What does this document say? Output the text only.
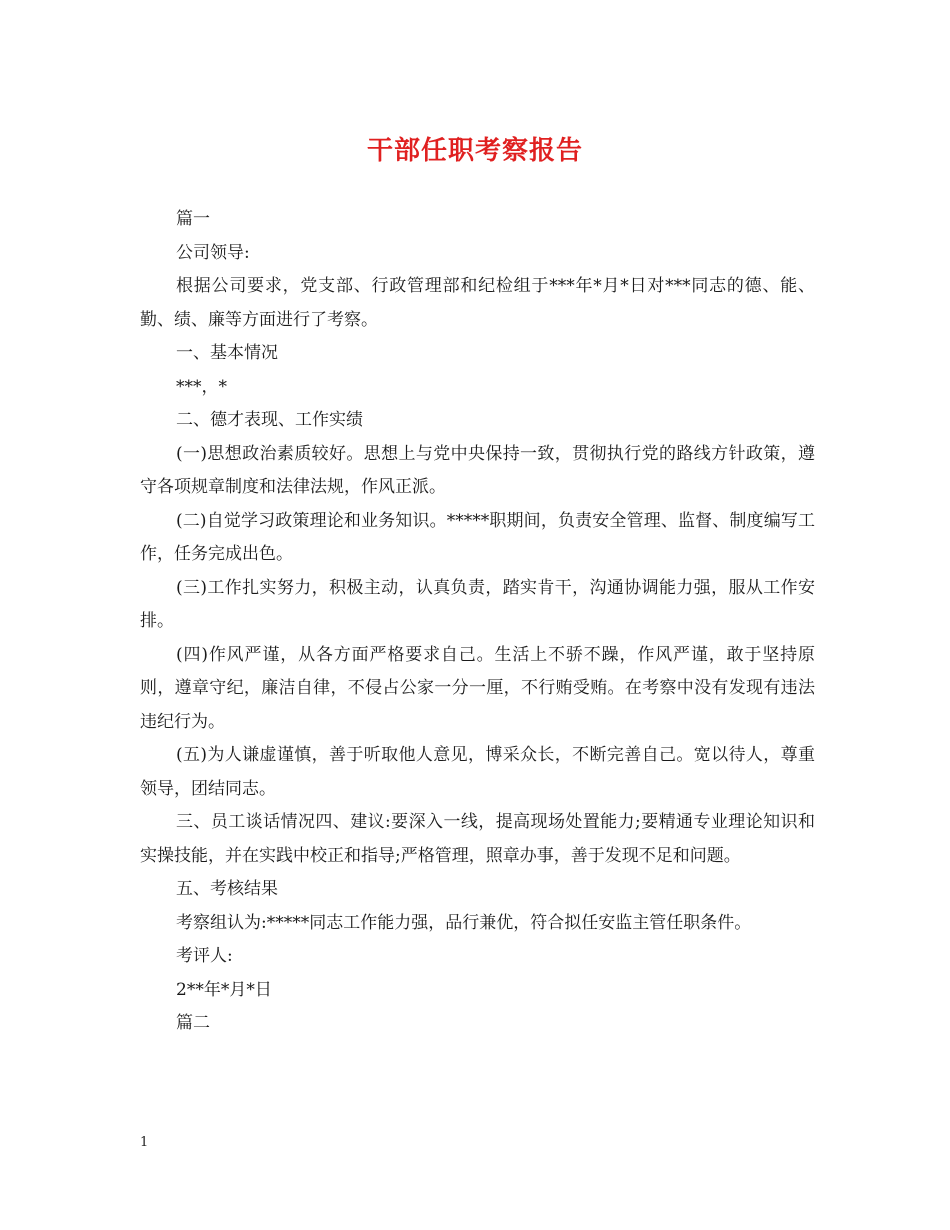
干部任职考察报告

篇一

公司领导:

根据公司要求，党支部、行政管理部和纪检组于***年*月*日对***同志的德、能、勤、绩、廉等方面进行了考察。

一、基本情况

***，*

二、德才表现、工作实绩

(一)思想政治素质较好。思想上与党中央保持一致，贯彻执行党的路线方针政策，遵守各项规章制度和法律法规，作风正派。

(二)自觉学习政策理论和业务知识。*****职期间，负责安全管理、监督、制度编写工作，任务完成出色。

(三)工作扎实努力，积极主动，认真负责，踏实肯干，沟通协调能力强，服从工作安排。

(四)作风严谨，从各方面严格要求自己。生活上不骄不躁，作风严谨，敢于坚持原则，遵章守纪，廉洁自律，不侵占公家一分一厘，不行贿受贿。在考察中没有发现有违法违纪行为。

(五)为人谦虚谨慎，善于听取他人意见，博采众长，不断完善自己。宽以待人，尊重领导，团结同志。

三、员工谈话情况四、建议:要深入一线，提高现场处置能力;要精通专业理论知识和实操技能，并在实践中校正和指导;严格管理，照章办事，善于发现不足和问题。

五、考核结果

考察组认为:*****同志工作能力强，品行兼优，符合拟任安监主管任职条件。

考评人:

2**年*月*日

篇二

1
